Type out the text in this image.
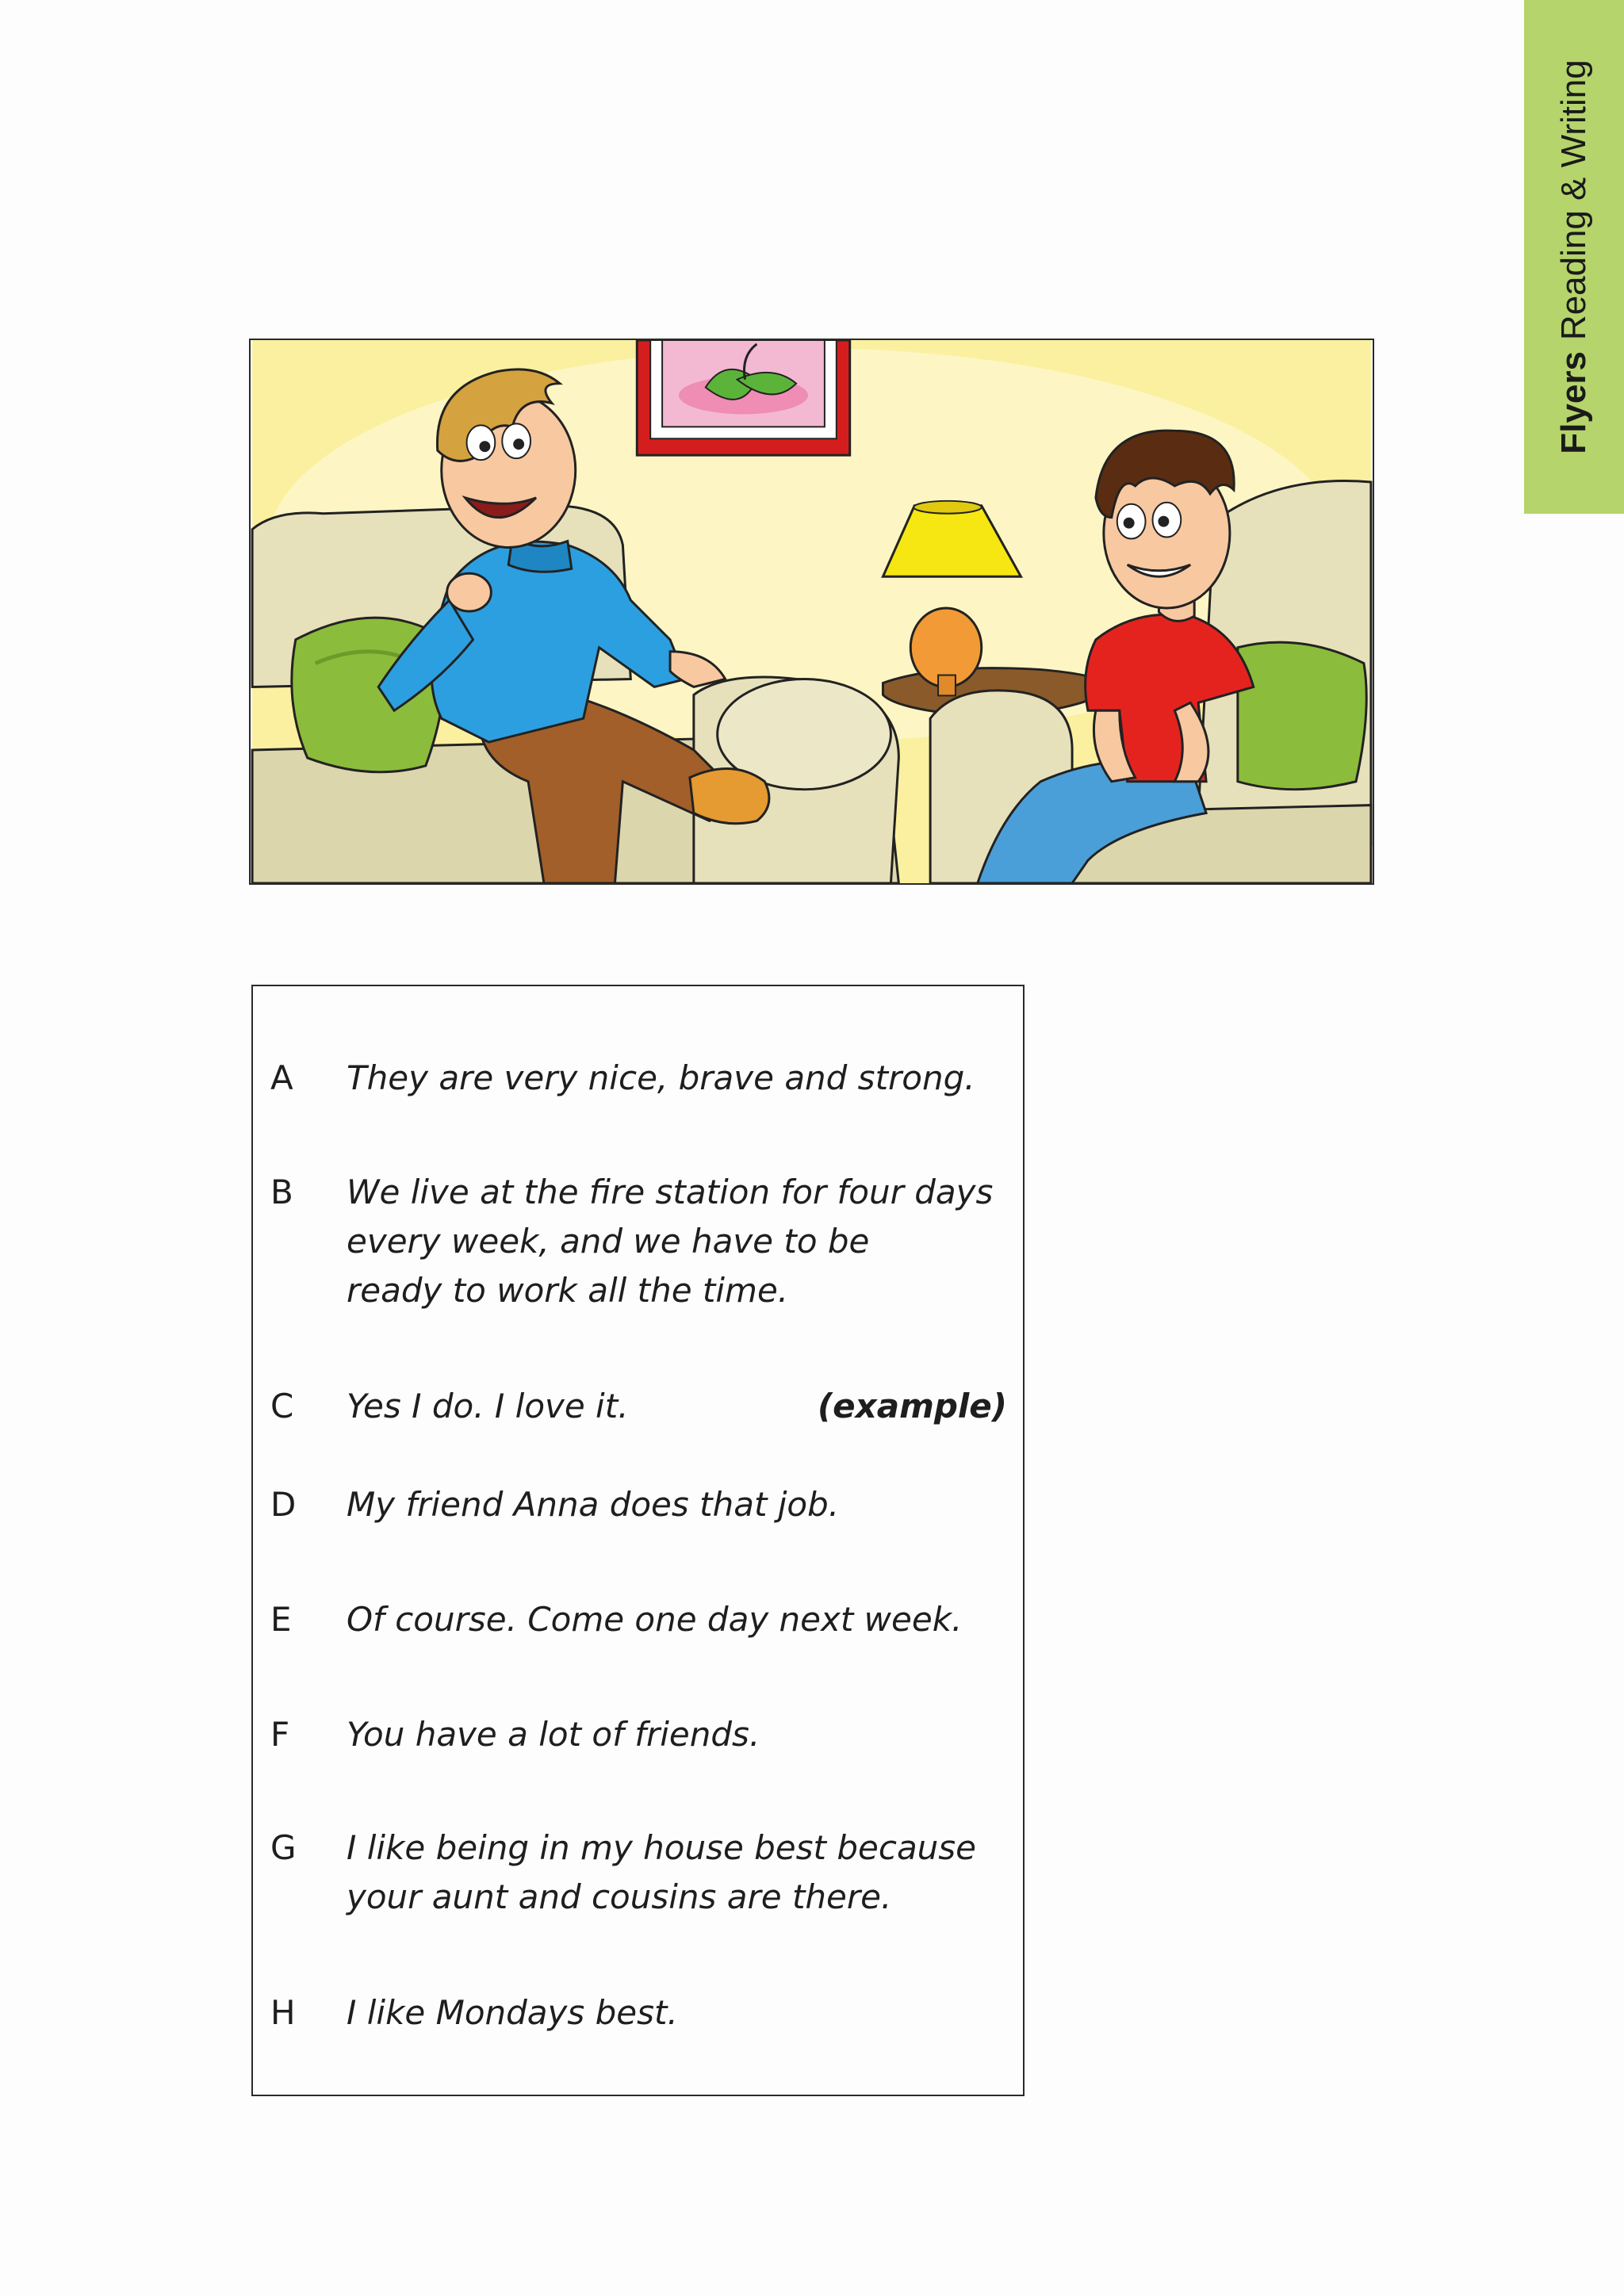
FlyersReading & Writing
A They are very nice, brave and strong.
B We live at the fire station for four days
every week, and we have to be
ready to work all the time.
C Yes I do. I love it.	(example)
D My friend Anna does that job.
E Of course. Come one day next week.
F You have a lot of friends.
G I like being in my house best because
your aunt and cousins are there.
H I like Mondays best.
